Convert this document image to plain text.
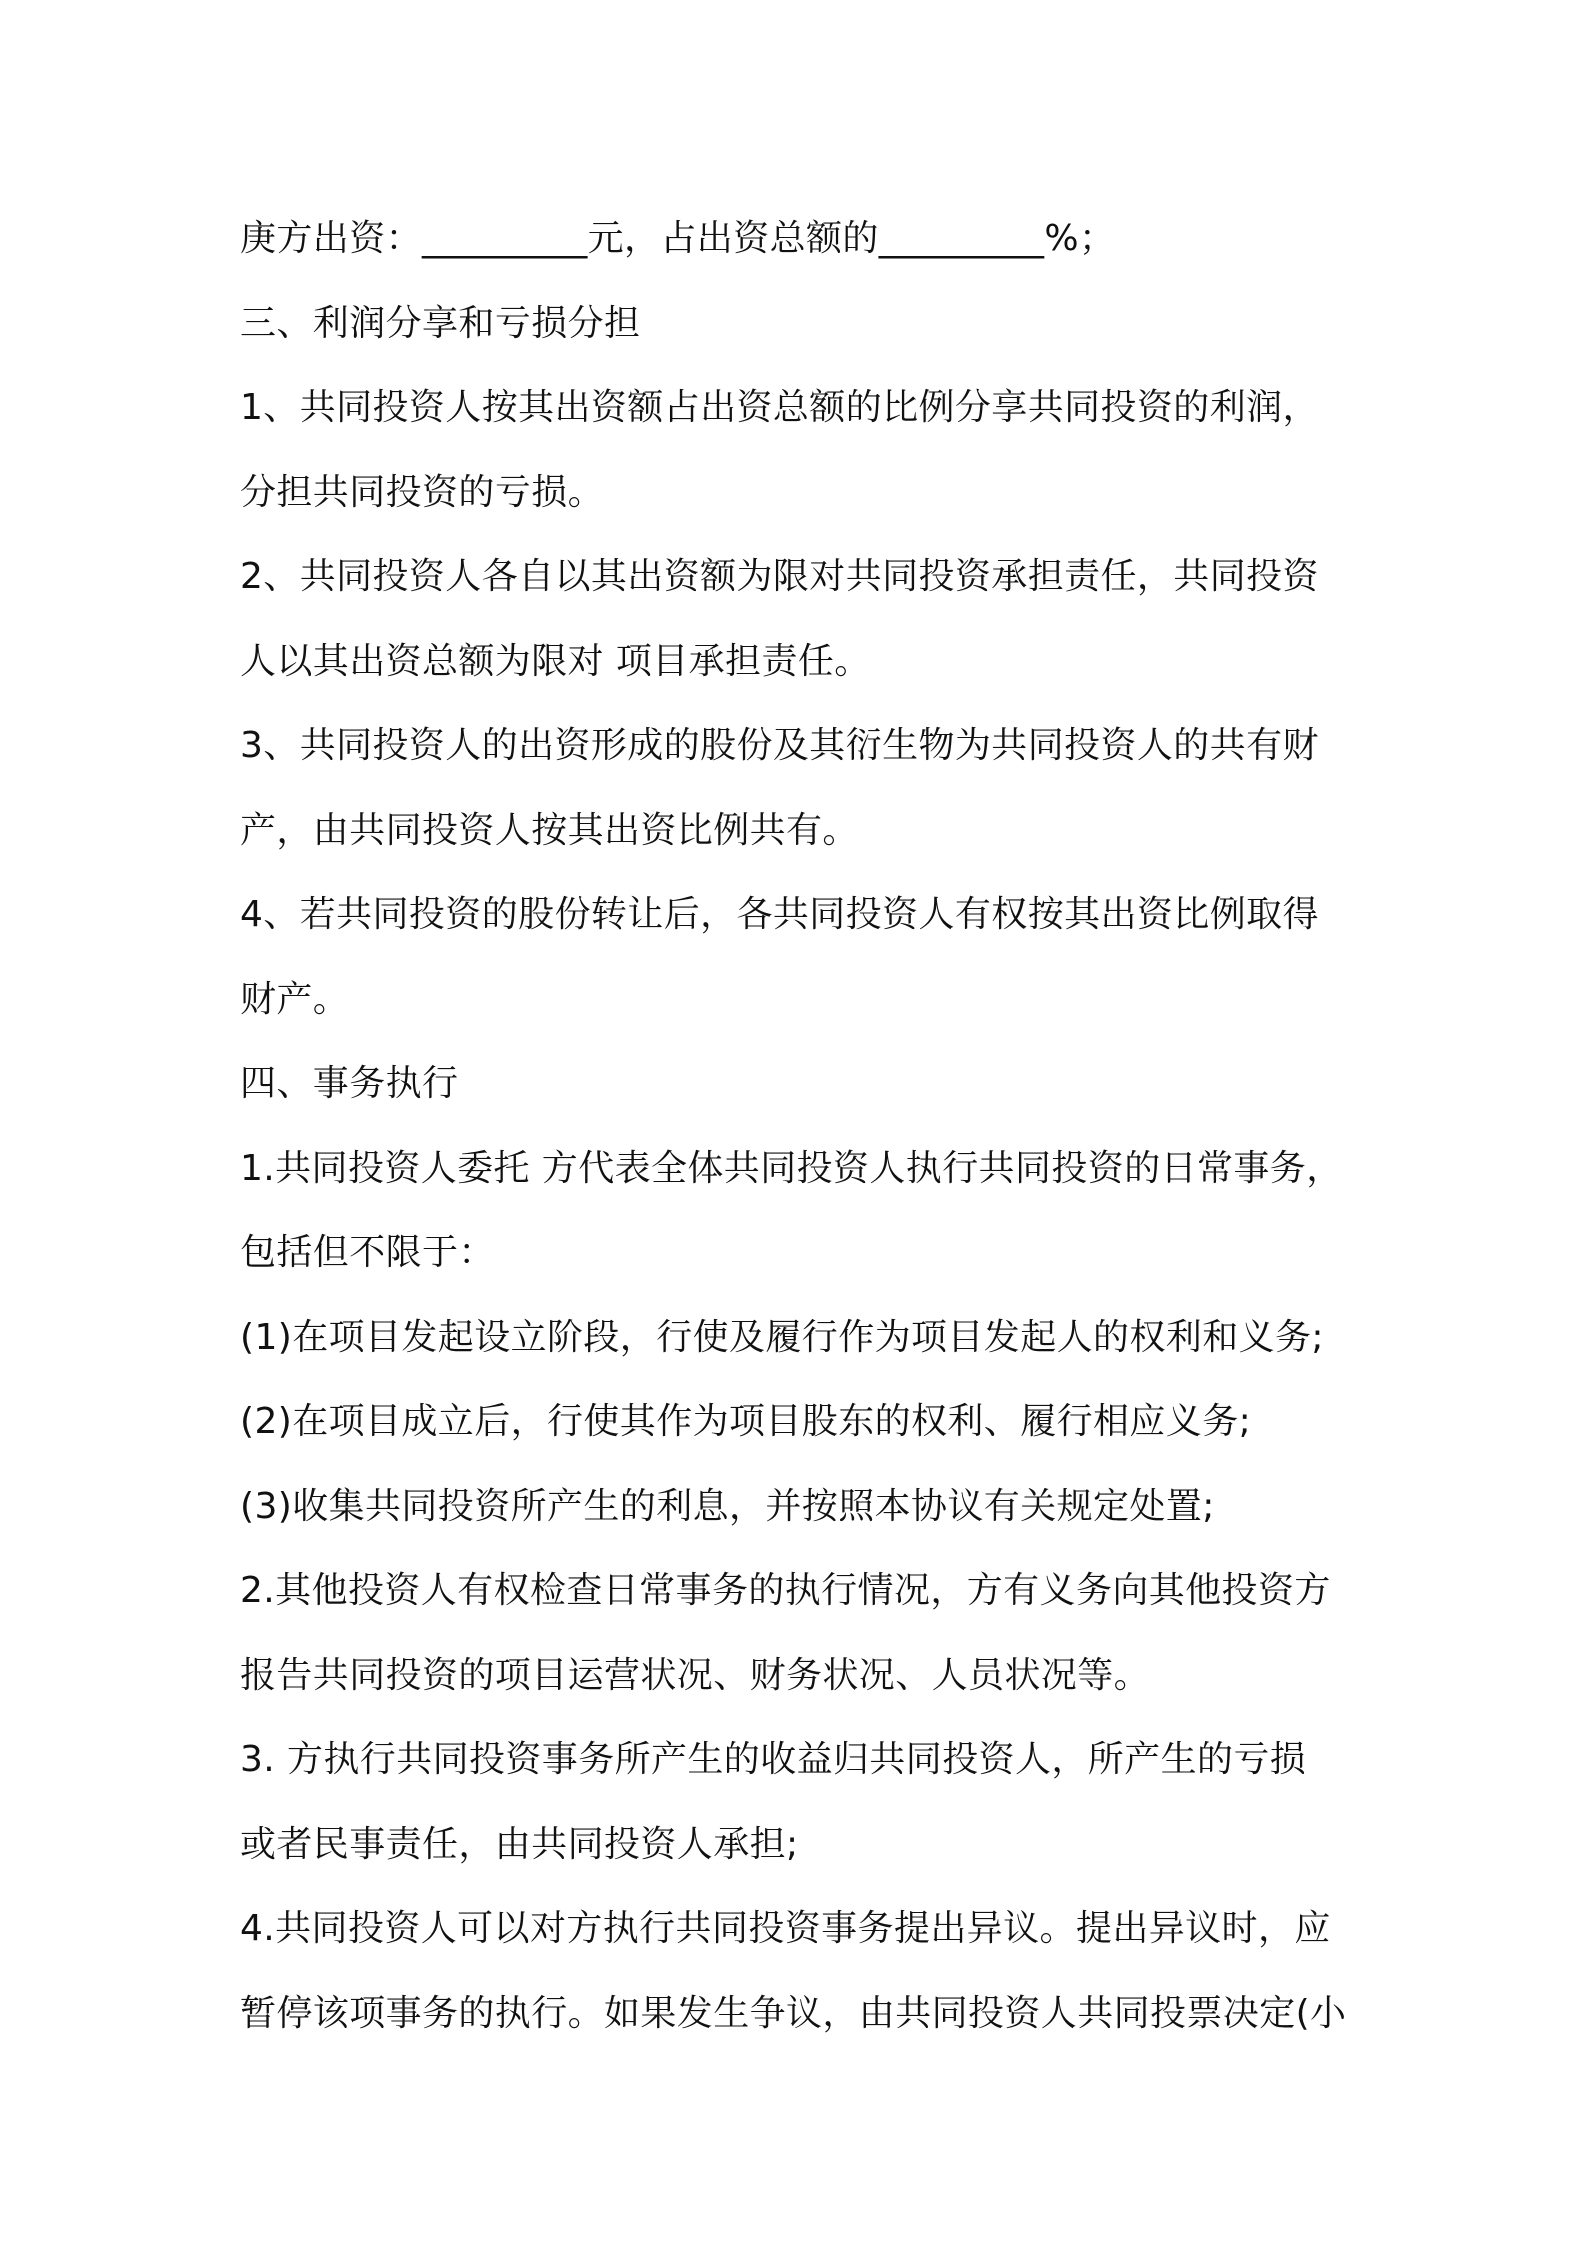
庚方出资：_________元，占出资总额的_________%；
三、利润分享和亏损分担
1、共同投资人按其出资额占出资总额的比例分享共同投资的利润，
分担共同投资的亏损。
2、共同投资人各自以其出资额为限对共同投资承担责任，共同投资
人以其出资总额为限对 项目承担责任。
3、共同投资人的出资形成的股份及其衍生物为共同投资人的共有财
产，由共同投资人按其出资比例共有。
4、若共同投资的股份转让后，各共同投资人有权按其出资比例取得
财产。
四、事务执行
1.共同投资人委托 方代表全体共同投资人执行共同投资的日常事务，
包括但不限于：
(1)在项目发起设立阶段，行使及履行作为项目发起人的权利和义务;
(2)在项目成立后，行使其作为项目股东的权利、履行相应义务;
(3)收集共同投资所产生的利息，并按照本协议有关规定处置;
2.其他投资人有权检查日常事务的执行情况，方有义务向其他投资方
报告共同投资的项目运营状况、财务状况、人员状况等。
3. 方执行共同投资事务所产生的收益归共同投资人，所产生的亏损
或者民事责任，由共同投资人承担;
4.共同投资人可以对方执行共同投资事务提出异议。提出异议时，应
暂停该项事务的执行。如果发生争议，由共同投资人共同投票决定(小
